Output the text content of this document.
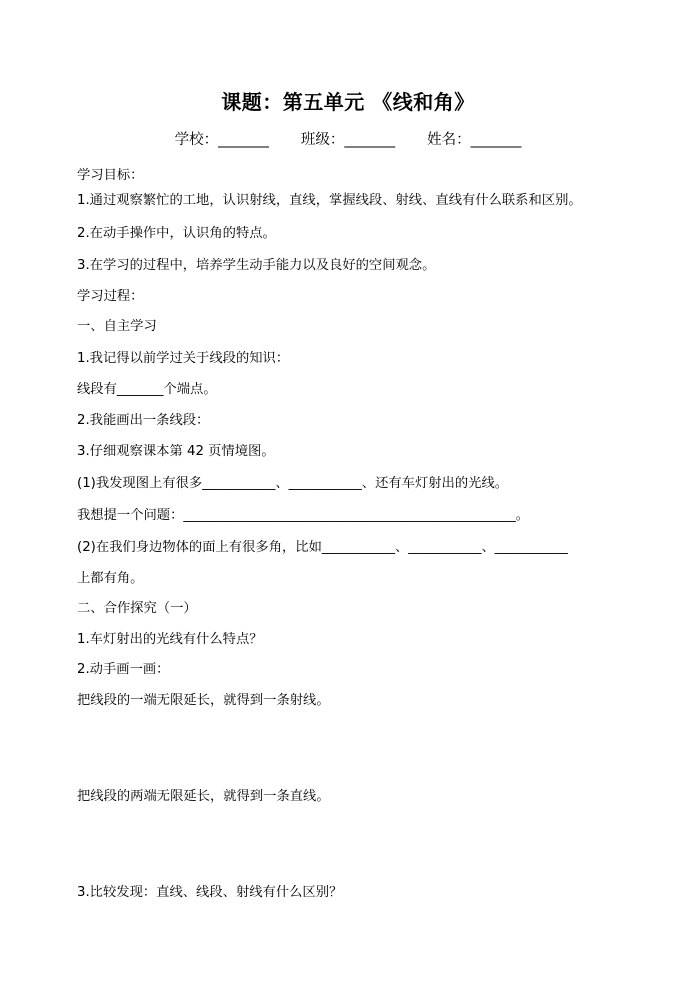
课题：第五单元 《线和角》
学校：_______ 班级：_______ 姓名：_______
学习目标：
1.通过观察繁忙的工地，认识射线，直线，掌握线段、射线、直线有什么联系和区别。
2.在动手操作中，认识角的特点。
3.在学习的过程中，培养学生动手能力以及良好的空间观念。
学习过程：
一、自主学习
1.我记得以前学过关于线段的知识：
线段有_______个端点。
2.我能画出一条线段：
3.仔细观察课本第 42 页情境图。
(1)我发现图上有很多___________、___________、还有车灯射出的光线。
我想提一个问题：__________________________________________________。
(2)在我们身边物体的面上有很多角，比如___________、___________、___________
上都有角。
二、合作探究（一）
1.车灯射出的光线有什么特点？
2.动手画一画：
把线段的一端无限延长，就得到一条射线。
把线段的两端无限延长，就得到一条直线。
3.比较发现：直线、线段、射线有什么区别？
